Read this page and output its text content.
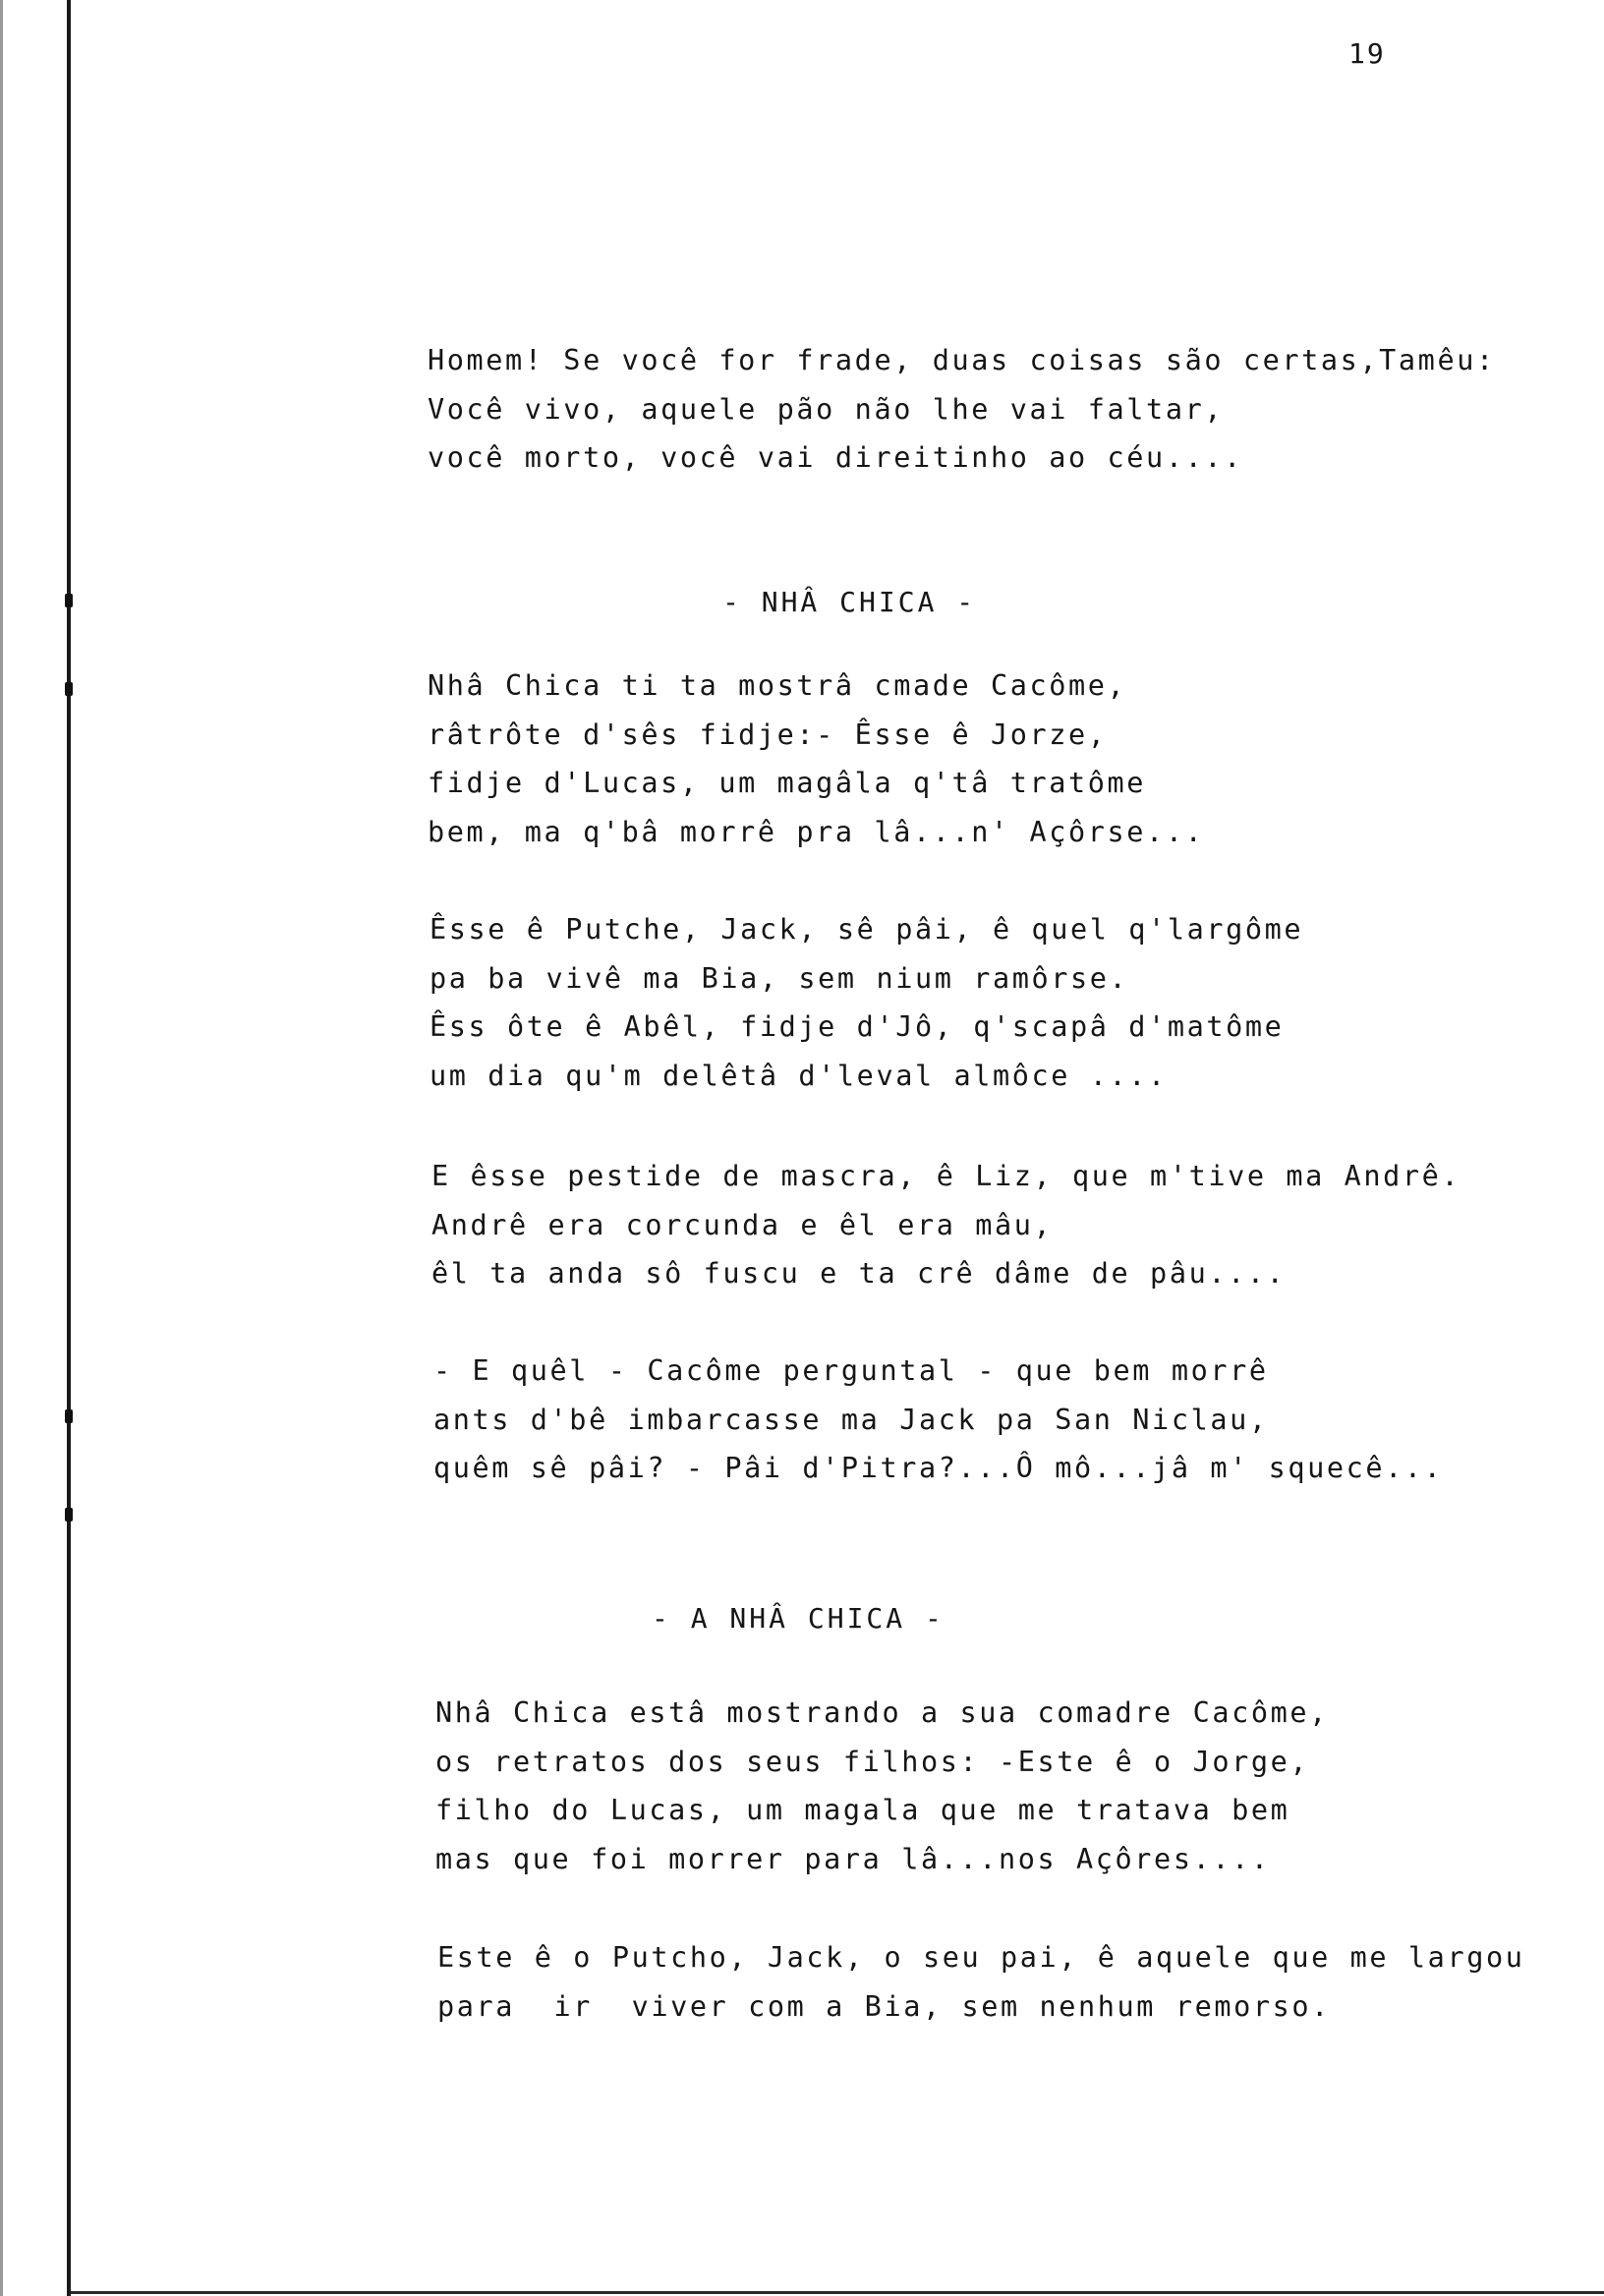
19
Homem! Se você for frade, duas coisas são certas,Tamêu:
Você vivo, aquele pão não lhe vai faltar,
você morto, você vai direitinho ao céu....
- NHÂ CHICA -
Nhâ Chica ti ta mostrâ cmade Cacôme,
râtrôte d'sês fidje:- Êsse ê Jorze,
fidje d'Lucas, um magâla q'tâ tratôme
bem, ma q'bâ morrê pra lâ...n' Açôrse...
Êsse ê Putche, Jack, sê pâi, ê quel q'largôme
pa ba vivê ma Bia, sem nium ramôrse.
Êss ôte ê Abêl, fidje d'Jô, q'scapâ d'matôme
um dia qu'm delêtâ d'leval almôce ....
E êsse pestide de mascra, ê Liz, que m'tive ma Andrê.
Andrê era corcunda e êl era mâu,
êl ta anda sô fuscu e ta crê dâme de pâu....
- E quêl - Cacôme perguntal - que bem morrê
ants d'bê imbarcasse ma Jack pa San Niclau,
quêm sê pâi? - Pâi d'Pitra?...Ô mô...jâ m' squecê...
- A NHÂ CHICA -
Nhâ Chica estâ mostrando a sua comadre Cacôme,
os retratos dos seus filhos: -Este ê o Jorge,
filho do Lucas, um magala que me tratava bem
mas que foi morrer para lâ...nos Açôres....
Este ê o Putcho, Jack, o seu pai, ê aquele que me largou
para  ir  viver com a Bia, sem nenhum remorso.
